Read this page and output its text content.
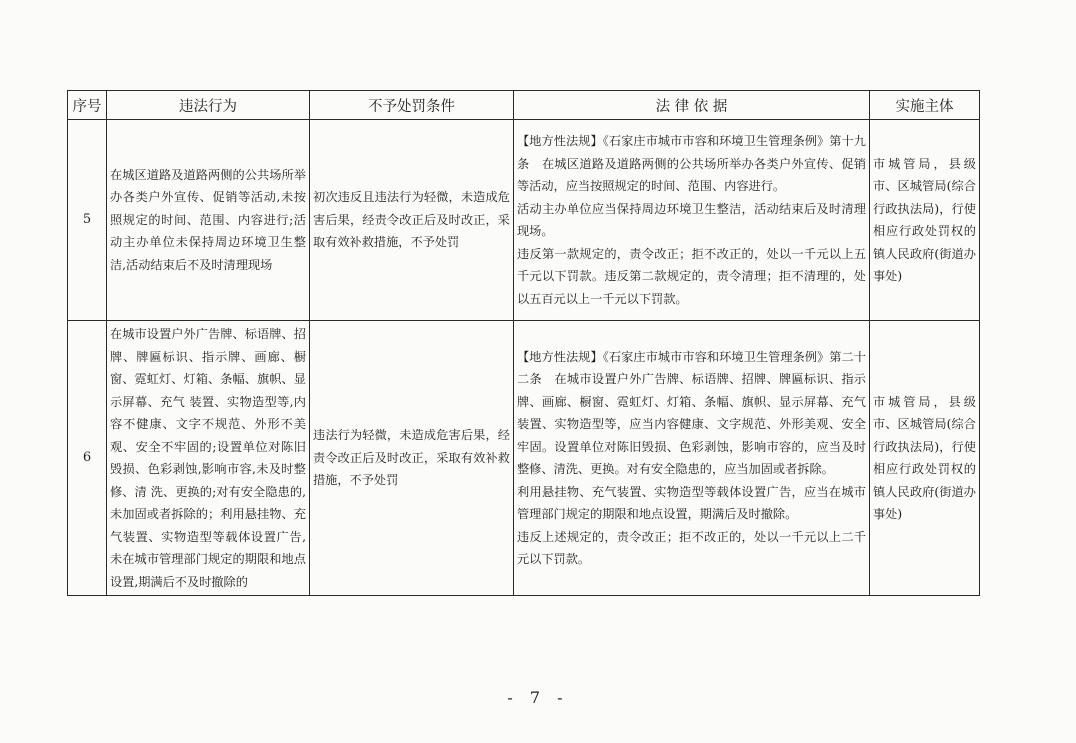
序号	违法行为	不予处罚条件	法 律 依 据	实施主体
5	在城区道路及道路两侧的公共场所举办各类户外宣传、促销等活动,未按照规定的时间、范围、内容进行;活动主办单位未保持周边环境卫生整洁,活动结束后不及时清理现场	初次违反且违法行为轻微，未造成危害后果，经责令改正后及时改正，采取有效补救措施，不予处罚	【地方性法规】《石家庄市城市市容和环境卫生管理条例》第十九条　在城区道路及道路两侧的公共场所举办各类户外宣传、促销等活动，应当按照规定的时间、范围、内容进行。
活动主办单位应当保持周边环境卫生整洁，活动结束后及时清理现场。
违反第一款规定的，责令改正；拒不改正的，处以一千元以上五千元以下罚款。违反第二款规定的，责令清理；拒不清理的，处以五百元以上一千元以下罚款。	市城管局，县级市、区城管局(综合行政执法局)，行使相应行政处罚权的镇人民政府(街道办事处)
6	在城市设置户外广告牌、标语牌、招牌、牌匾标识、指示牌、画廊、橱窗、霓虹灯、灯箱、条幅、旗帜、显示屏幕、充气 装置、实物造型等,内容不健康、文字不规范、外形不美观、安全不牢固的;设置单位对陈旧毁损、色彩剥蚀,影响市容,未及时整修、清 洗、更换的;对有安全隐患的,未加固或者拆除的；利用悬挂物、充气装置、实物造型等载体设置广告,未在城市管理部门规定的期限和地点设置,期满后不及时撤除的	违法行为轻微，未造成危害后果，经责令改正后及时改正，采取有效补救措施，不予处罚	【地方性法规】《石家庄市城市市容和环境卫生管理条例》第二十二条　在城市设置户外广告牌、标语牌、招牌、牌匾标识、指示牌、画廊、橱窗、霓虹灯、灯箱、条幅、旗帜、显示屏幕、充气装置、实物造型等，应当内容健康、文字规范、外形美观、安全牢固。设置单位对陈旧毁损、色彩剥蚀，影响市容的，应当及时整修、清洗、更换。对有安全隐患的，应当加固或者拆除。
利用悬挂物、充气装置、实物造型等载体设置广告，应当在城市管理部门规定的期限和地点设置，期满后及时撤除。
违反上述规定的，责令改正；拒不改正的，处以一千元以上二千元以下罚款。	市城管局，县级市、区城管局(综合行政执法局)，行使相应行政处罚权的镇人民政府(街道办事处)
- 7 -
